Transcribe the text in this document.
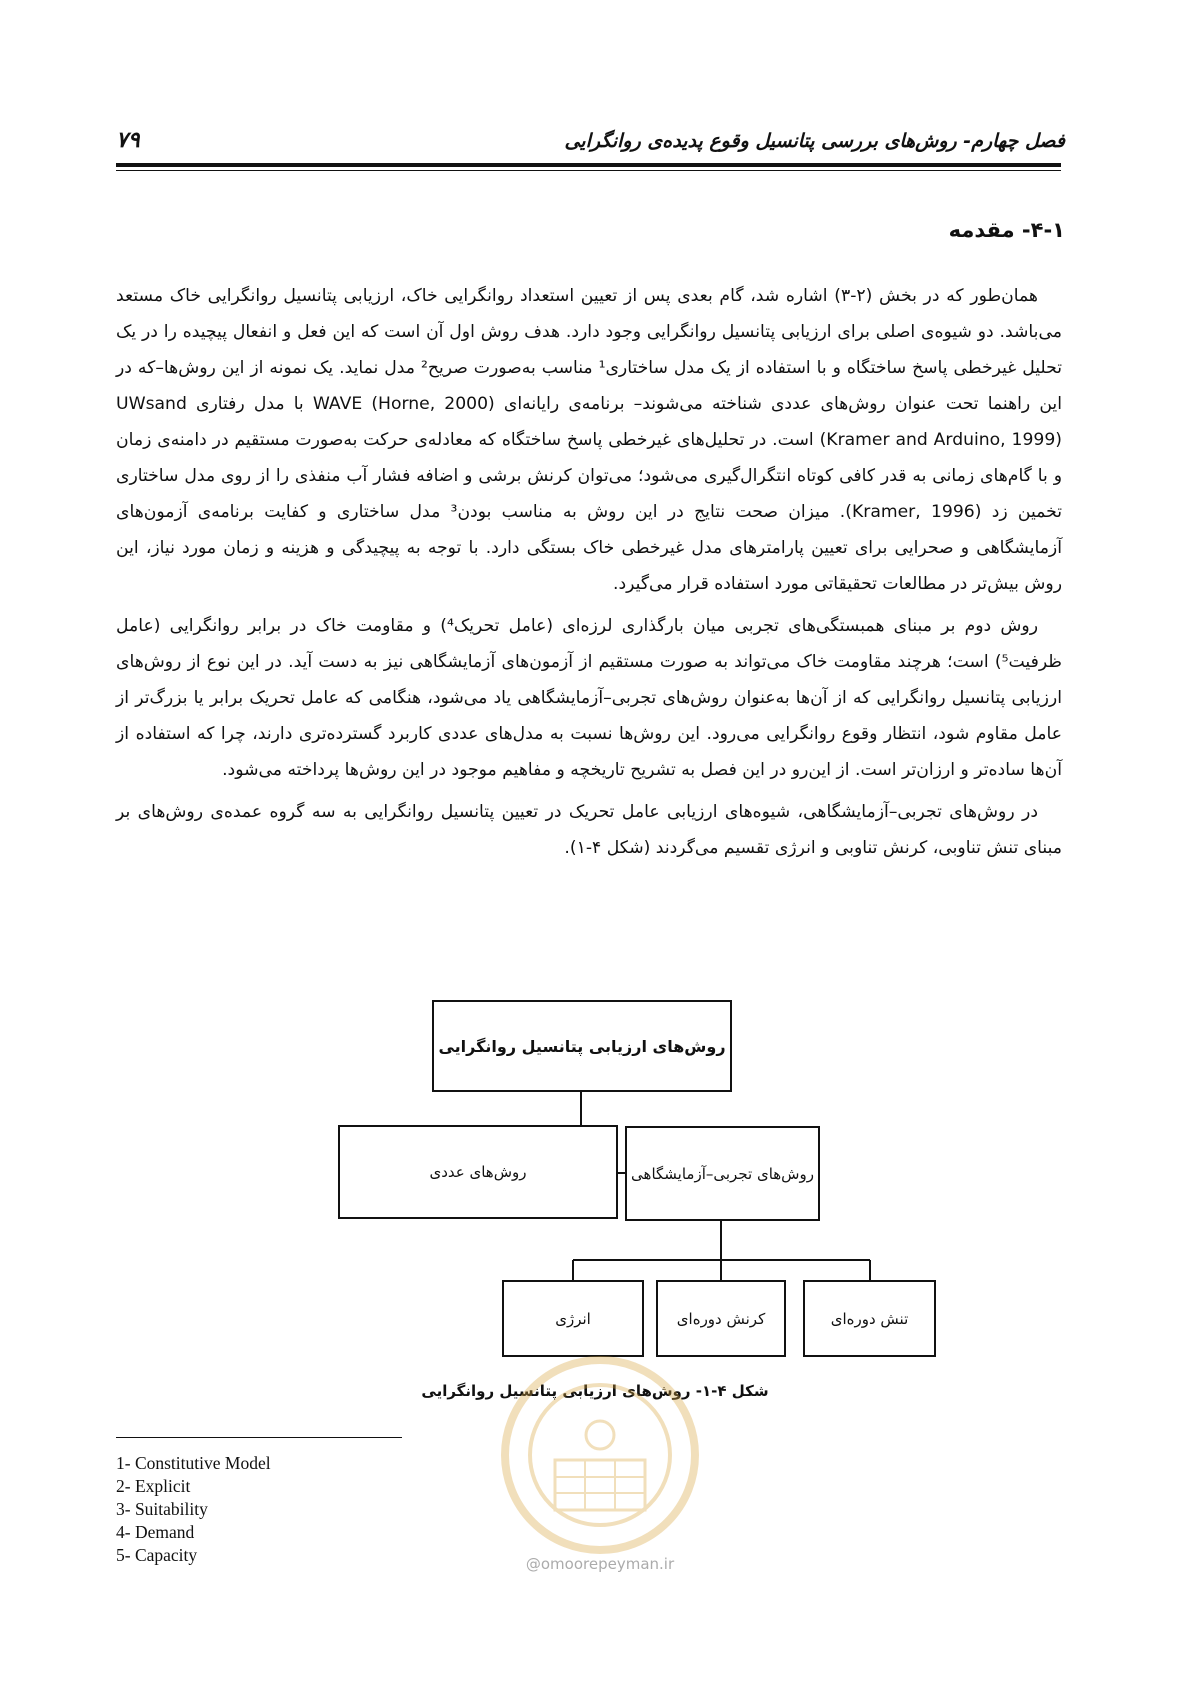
۷۹	فصل چهارم- روش‌های بررسی پتانسیل وقوع پدیده‌ی روانگرایی
۴-۱- مقدمه

همان‌طور که در بخش (۲-۳) اشاره شد، گام بعدی پس از تعیین استعداد روانگرایی خاک، ارزیابی پتانسیل روانگرایی خاک مستعد می‌باشد. دو شیوه‌ی اصلی برای ارزیابی پتانسیل روانگرایی وجود دارد. هدف روش اول آن است که این فعل و انفعال پیچیده را در یک تحلیل غیرخطی پاسخ ساختگاه و با استفاده از یک مدل ساختاری¹ مناسب به‌صورت صریح² مدل نماید. یک نمونه از این روش‌ها–که در این راهنما تحت عنوان روش‌های عددی شناخته می‌شوند– برنامه‌ی رایانه‌ای WAVE (Horne, 2000) با مدل رفتاری UWsand (Kramer and Arduino, 1999) است. در تحلیل‌های غیرخطی پاسخ ساختگاه که معادله‌ی حرکت به‌صورت مستقیم در دامنه‌ی زمان و با گام‌های زمانی به قدر کافی کوتاه انتگرال‌گیری می‌شود؛ می‌توان کرنش برشی و اضافه فشار آب منفذی را از روی مدل ساختاری تخمین زد (Kramer, 1996). میزان صحت نتایج در این روش به مناسب بودن³ مدل ساختاری و کفایت برنامه‌ی آزمون‌های آزمایشگاهی و صحرایی برای تعیین پارامترهای مدل غیرخطی خاک بستگی دارد. با توجه به پیچیدگی و هزینه و زمان مورد نیاز، این روش بیش‌تر در مطالعات تحقیقاتی مورد استفاده قرار می‌گیرد.

روش دوم بر مبنای همبستگی‌های تجربی میان بارگذاری لرزه‌ای (عامل تحریک⁴) و مقاومت خاک در برابر روانگرایی (عامل ظرفیت⁵) است؛ هرچند مقاومت خاک می‌تواند به صورت مستقیم از آزمون‌های آزمایشگاهی نیز به دست آید. در این نوع از روش‌های ارزیابی پتانسیل روانگرایی که از آن‌ها به‌عنوان روش‌های تجربی–آزمایشگاهی یاد می‌شود، هنگامی که عامل تحریک برابر یا بزرگ‌تر از عامل مقاوم شود، انتظار وقوع روانگرایی می‌رود. این روش‌ها نسبت به مدل‌های عددی کاربرد گسترده‌تری دارند، چرا که استفاده از آن‌ها ساده‌تر و ارزان‌تر است. از این‌رو در این فصل به تشریح تاریخچه و مفاهیم موجود در این روش‌ها پرداخته می‌شود.

در روش‌های تجربی–آزمایشگاهی، شیوه‌های ارزیابی عامل تحریک در تعیین پتانسیل روانگرایی به سه گروه عمده‌ی روش‌های بر مبنای تنش تناوبی، کرنش تناوبی و انرژی تقسیم می‌گردند (شکل ۴-۱).

روش‌های ارزیابی پتانسیل روانگرایی
روش‌های عددی	روش‌های تجربی–آزمایشگاهی
انرژی	کرنش دوره‌ای	تنش دوره‌ای
شکل ۴-۱- روش‌های ارزیابی پتانسیل روانگرایی
@omoorepeyman.ir
1- Constitutive Model
2- Explicit
3- Suitability
4- Demand
5- Capacity
